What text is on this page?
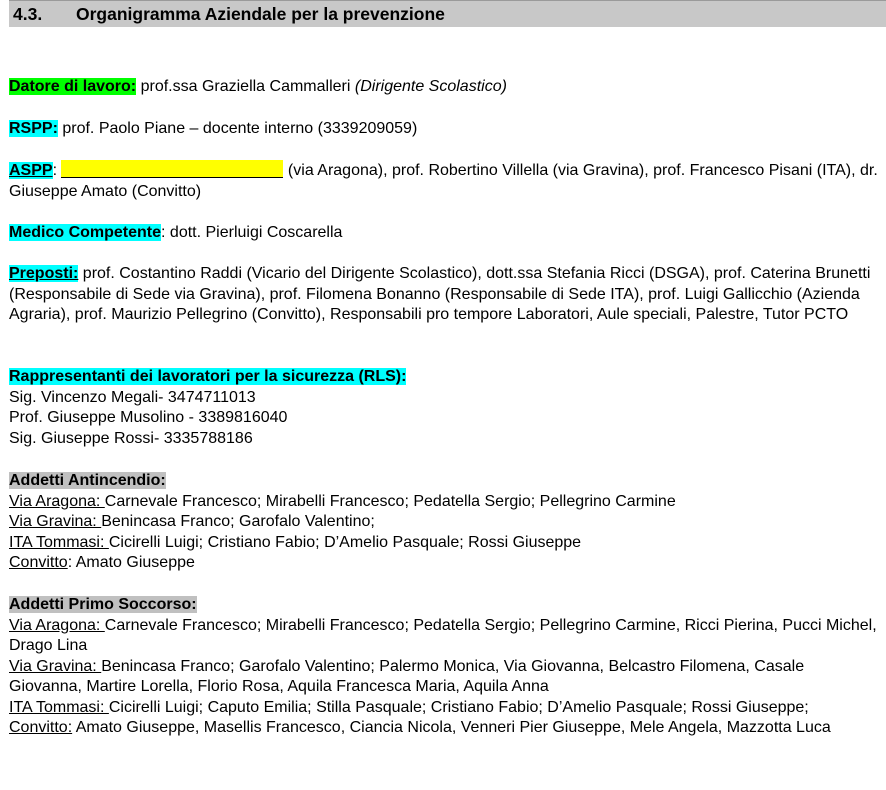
4.3. Organigramma Aziendale per la prevenzione
Datore di lavoro: prof.ssa Graziella Cammalleri (Dirigente Scolastico)
RSPP: prof. Paolo Piane – docente interno (3339209059)
ASPP:	(via Aragona), prof. Robertino Villella (via Gravina), prof. Francesco Pisani (ITA), dr. Giuseppe Amato (Convitto)
Medico Competente: dott. Pierluigi Coscarella
Preposti: prof. Costantino Raddi (Vicario del Dirigente Scolastico), dott.ssa Stefania Ricci (DSGA), prof. Caterina Brunetti (Responsabile di Sede via Gravina), prof. Filomena Bonanno (Responsabile di Sede ITA), prof. Luigi Gallicchio (Azienda Agraria), prof. Maurizio Pellegrino (Convitto), Responsabili pro tempore Laboratori, Aule speciali, Palestre, Tutor PCTO
Rappresentanti dei lavoratori per la sicurezza (RLS):
Sig. Vincenzo Megali- 3474711013
Prof. Giuseppe Musolino - 3389816040
Sig. Giuseppe Rossi- 3335788186
Addetti Antincendio:
Via Aragona: Carnevale Francesco; Mirabelli Francesco; Pedatella Sergio; Pellegrino Carmine
Via Gravina: Benincasa Franco; Garofalo Valentino;
ITA Tommasi: Cicirelli Luigi; Cristiano Fabio; D’Amelio Pasquale; Rossi Giuseppe
Convitto: Amato Giuseppe
Addetti Primo Soccorso:
Via Aragona: Carnevale Francesco; Mirabelli Francesco; Pedatella Sergio; Pellegrino Carmine, Ricci Pierina, Pucci Michel, Drago Lina
Via Gravina: Benincasa Franco; Garofalo Valentino; Palermo Monica, Via Giovanna, Belcastro Filomena, Casale Giovanna, Martire Lorella, Florio Rosa, Aquila Francesca Maria, Aquila Anna
ITA Tommasi: Cicirelli Luigi; Caputo Emilia; Stilla Pasquale; Cristiano Fabio; D’Amelio Pasquale; Rossi Giuseppe;
Convitto: Amato Giuseppe, Masellis Francesco, Ciancia Nicola, Venneri Pier Giuseppe, Mele Angela, Mazzotta Luca
